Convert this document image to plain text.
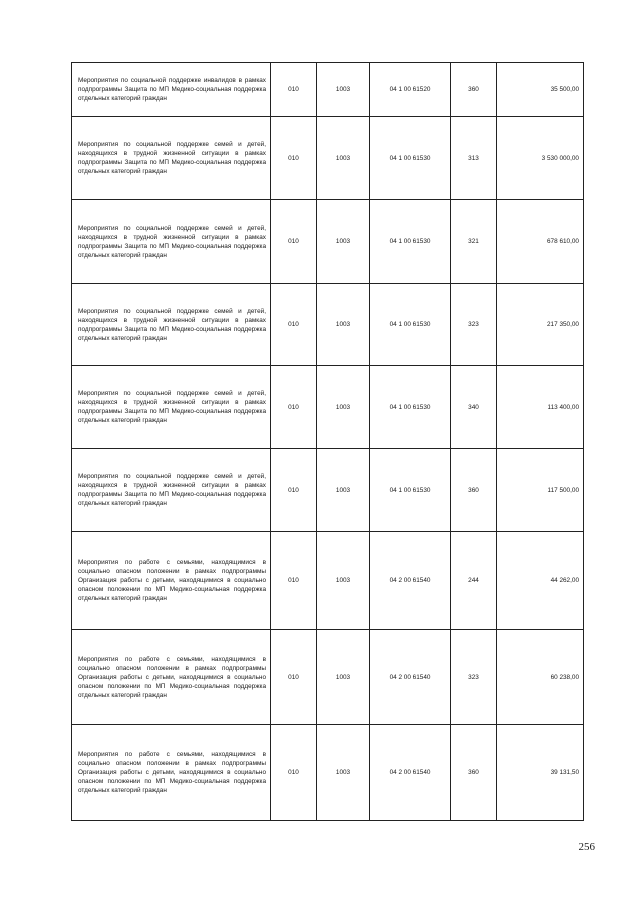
Мероприятия по социальной поддержке инвалидов в рамках подпрограммы Защита по МП Медико-социальная поддержка отдельных категорий граждан	010	1003	04 1 00 61520	360	35 500,00
Мероприятия по социальной поддержке семей и детей, находящихся в трудной жизненной ситуации в рамках подпрограммы Защита по МП Медико-социальная поддержка отдельных категорий граждан	010	1003	04 1 00 61530	313	3 530 000,00
Мероприятия по социальной поддержке семей и детей, находящихся в трудной жизненной ситуации в рамках подпрограммы Защита по МП Медико-социальная поддержка отдельных категорий граждан	010	1003	04 1 00 61530	321	678 610,00
Мероприятия по социальной поддержке семей и детей, находящихся в трудной жизненной ситуации в рамках подпрограммы Защита по МП Медико-социальная поддержка отдельных категорий граждан	010	1003	04 1 00 61530	323	217 350,00
Мероприятия по социальной поддержке семей и детей, находящихся в трудной жизненной ситуации в рамках подпрограммы Защита по МП Медико-социальная поддержка отдельных категорий граждан	010	1003	04 1 00 61530	340	113 400,00
Мероприятия по социальной поддержке семей и детей, находящихся в трудной жизненной ситуации в рамках подпрограммы Защита по МП Медико-социальная поддержка отдельных категорий граждан	010	1003	04 1 00 61530	360	117 500,00
Мероприятия по работе с семьями, находящимися в социально опасном положении в рамках подпрограммы Организация работы с детьми, находящимися в социально опасном положении по МП Медико-социальная поддержка отдельных категорий граждан	010	1003	04 2 00 61540	244	44 262,00
Мероприятия по работе с семьями, находящимися в социально опасном положении в рамках подпрограммы Организация работы с детьми, находящимися в социально опасном положении по МП Медико-социальная поддержка отдельных категорий граждан	010	1003	04 2 00 61540	323	60 238,00
Мероприятия по работе с семьями, находящимися в социально опасном положении в рамках подпрограммы Организация работы с детьми, находящимися в социально опасном положении по МП Медико-социальная поддержка отдельных категорий граждан	010	1003	04 2 00 61540	360	39 131,50
256
